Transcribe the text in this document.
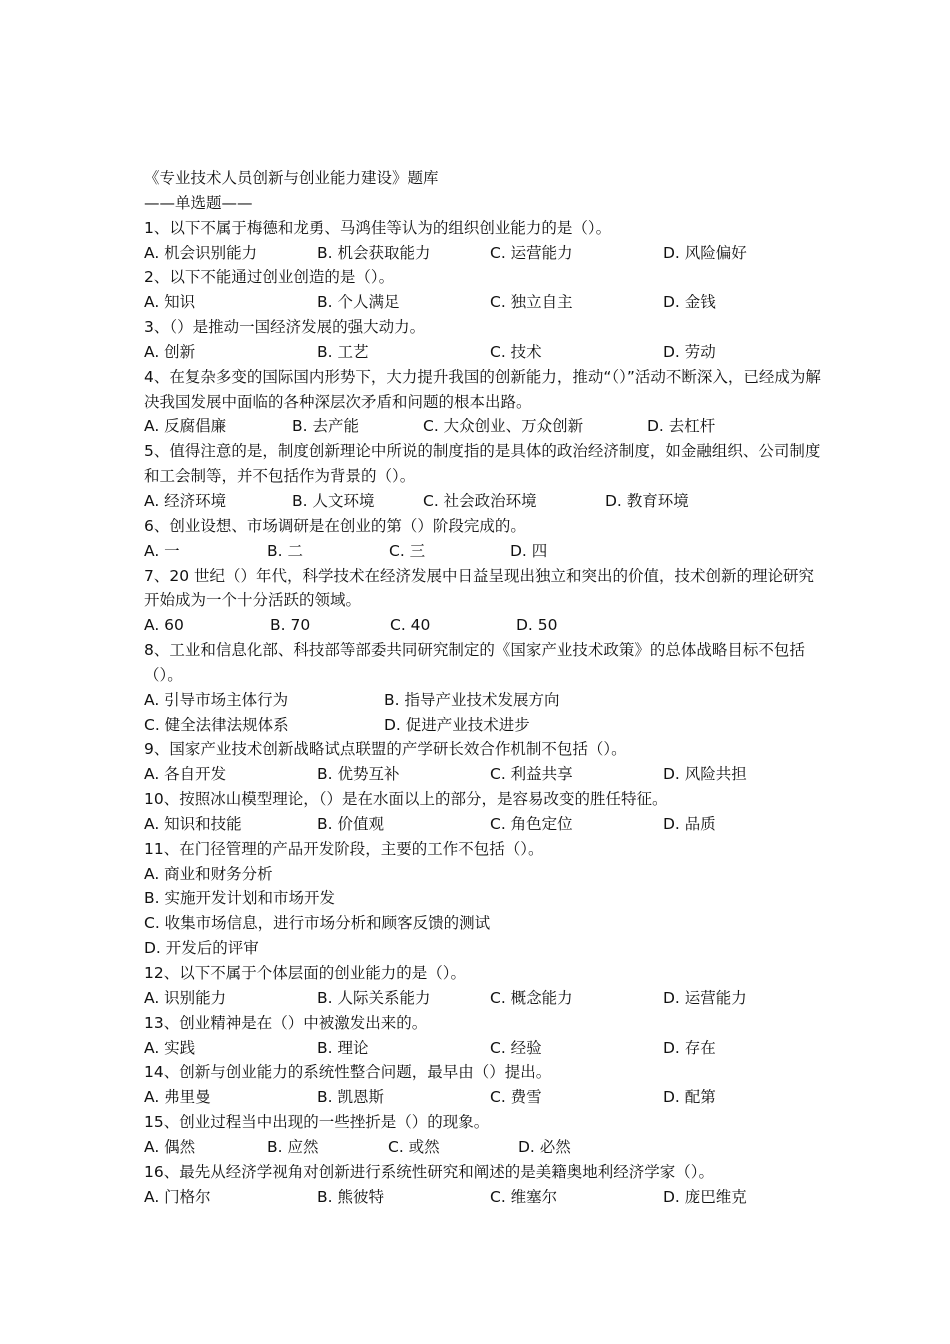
《专业技术人员创新与创业能力建设》题库
——单选题——
1、以下不属于梅德和龙勇、马鸿佳等认为的组织创业能力的是（）。
A. 机会识别能力	B. 机会获取能力	C. 运营能力	D. 风险偏好
2、以下不能通过创业创造的是（）。
A. 知识	B. 个人满足	C. 独立自主	D. 金钱
3、（）是推动一国经济发展的强大动力。
A. 创新	B. 工艺	C. 技术	D. 劳动
4、在复杂多变的国际国内形势下，大力提升我国的创新能力，推动“（）”活动不断深入，已经成为解决我国发展中面临的各种深层次矛盾和问题的根本出路。
A. 反腐倡廉	B. 去产能	C. 大众创业、万众创新	D. 去杠杆
5、值得注意的是，制度创新理论中所说的制度指的是具体的政治经济制度，如金融组织、公司制度和工会制等，并不包括作为背景的（）。
A. 经济环境	B. 人文环境	C. 社会政治环境	D. 教育环境
6、创业设想、市场调研是在创业的第（）阶段完成的。
A. 一	B. 二	C. 三	D. 四
7、20 世纪（）年代，科学技术在经济发展中日益呈现出独立和突出的价值，技术创新的理论研究开始成为一个十分活跃的领域。
A. 60	B. 70	C. 40	D. 50
8、工业和信息化部、科技部等部委共同研究制定的《国家产业技术政策》的总体战略目标不包括（）。
A. 引导市场主体行为	B. 指导产业技术发展方向
C. 健全法律法规体系	D. 促进产业技术进步
9、国家产业技术创新战略试点联盟的产学研长效合作机制不包括（）。
A. 各自开发	B. 优势互补	C. 利益共享	D. 风险共担
10、按照冰山模型理论，（）是在水面以上的部分，是容易改变的胜任特征。
A. 知识和技能	B. 价值观	C. 角色定位	D. 品质
11、在门径管理的产品开发阶段，主要的工作不包括（）。
A. 商业和财务分析
B. 实施开发计划和市场开发
C. 收集市场信息，进行市场分析和顾客反馈的测试
D. 开发后的评审
12、以下不属于个体层面的创业能力的是（）。
A. 识别能力	B. 人际关系能力	C. 概念能力	D. 运营能力
13、创业精神是在（）中被激发出来的。
A. 实践	B. 理论	C. 经验	D. 存在
14、创新与创业能力的系统性整合问题，最早由（）提出。
A. 弗里曼	B. 凯恩斯	C. 费雪	D. 配第
15、创业过程当中出现的一些挫折是（）的现象。
A. 偶然	B. 应然	C. 或然	D. 必然
16、最先从经济学视角对创新进行系统性研究和阐述的是美籍奥地利经济学家（）。
A. 门格尔	B. 熊彼特	C. 维塞尔	D. 庞巴维克
